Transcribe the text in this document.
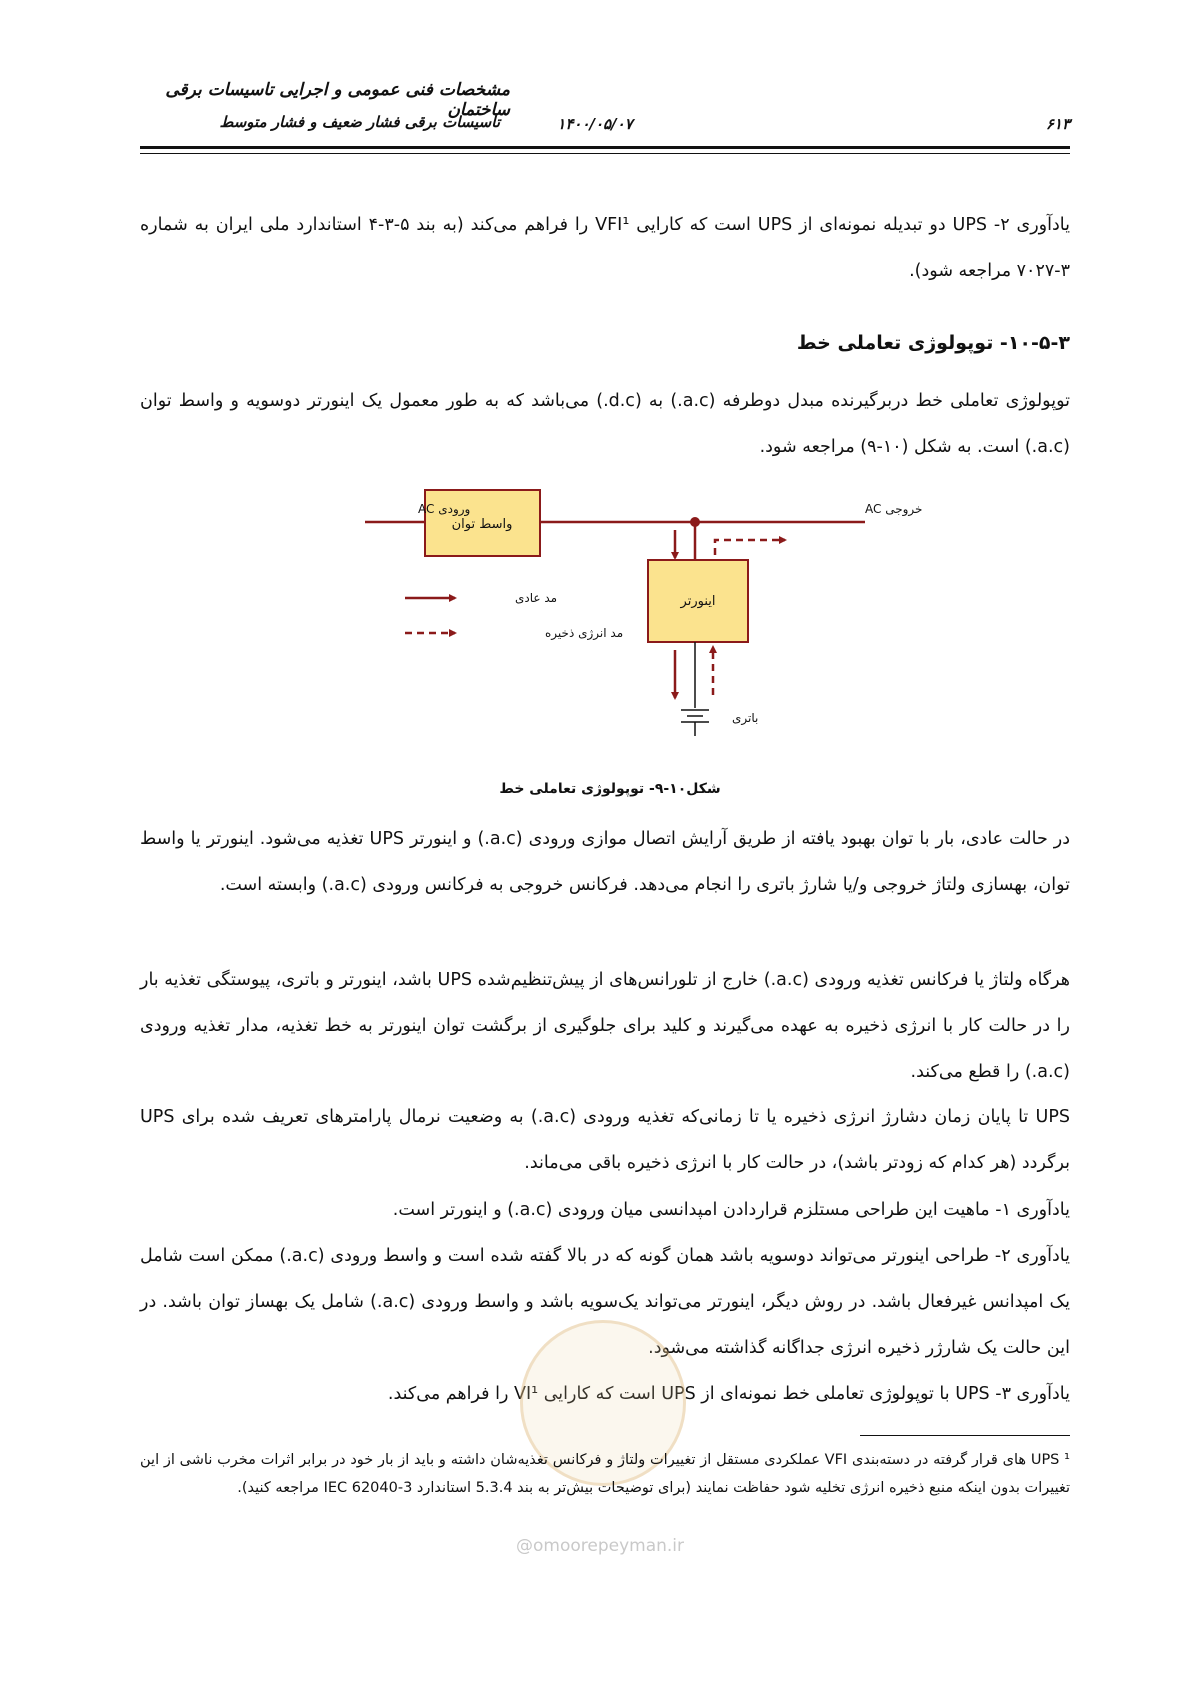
مشخصات فنی عمومی و اجرایی تاسیسات برقی ساختمان
تاسیسات برقی فشار ضعیف و فشار متوسط	۱۴۰۰/۰۵/۰۷	۶۱۳
یادآوری ۲- UPS دو تبدیله نمونه‌ای از UPS است که کارایی VFI¹ را فراهم می‌کند (به بند ۵-۳-۴ استاندارد ملی ایران به شماره ۳-۷۰۲۷ مراجعه شود).
۱۰-۵-۳- توپولوژی تعاملی خط
توپولوژی تعاملی خط دربرگیرنده مبدل دوطرفه (a.c.) به (d.c.) می‌باشد که به طور معمول یک اینورتر دوسویه و واسط توان (a.c.) است. به شکل (۱۰-۹) مراجعه شود.
واسط توان
ورودی AC	خروجی AC
اینورتر
باتری
مد عادی
مد انرژی ذخیره
شکل۱۰-۹- توپولوژی تعاملی خط
در حالت عادی، بار با توان بهبود یافته از طریق آرایش اتصال موازی ورودی (a.c.) و اینورتر UPS تغذیه می‌شود. اینورتر یا واسط توان، بهسازی ولتاژ خروجی و/یا شارژ باتری را انجام می‌دهد. فرکانس خروجی به فرکانس ورودی (a.c.) وابسته است.
هرگاه ولتاژ یا فرکانس تغذیه ورودی (a.c.) خارج از تلورانس‌های از پیش‌تنظیم‌شده UPS باشد، اینورتر و باتری، پیوستگی تغذیه بار را در حالت کار با انرژی ذخیره به عهده می‌گیرند و کلید برای جلوگیری از برگشت توان اینورتر به خط تغذیه، مدار تغذیه ورودی (a.c.) را قطع می‌کند.
UPS تا پایان زمان دشارژ انرژی ذخیره یا تا زمانی‌که تغذیه ورودی (a.c.) به وضعیت نرمال پارامترهای تعریف شده برای UPS برگردد (هر کدام که زودتر باشد)، در حالت کار با انرژی ذخیره باقی می‌ماند.
یادآوری ۱- ماهیت این طراحی مستلزم قراردادن امپدانسی میان ورودی (a.c.) و اینورتر است.
یادآوری ۲- طراحی اینورتر می‌تواند دوسویه باشد همان گونه که در بالا گفته شده است و واسط ورودی (a.c.) ممکن است شامل یک امپدانس غیرفعال باشد. در روش دیگر، اینورتر می‌تواند یک‌سویه باشد و واسط ورودی (a.c.) شامل یک بهساز توان باشد. در این حالت یک شارژر ذخیره انرژی جداگانه گذاشته می‌شود.
یادآوری ۳- UPS با توپولوژی تعاملی خط نمونه‌ای از UPS است که کارایی VI¹ را فراهم می‌کند.
¹ UPS های قرار گرفته در دسته‌بندی VFI عملکردی مستقل از تغییرات ولتاژ و فرکانس تغذیه‌شان داشته و باید از بار خود در برابر اثرات مخرب ناشی از این تغییرات بدون اینکه منبع ذخیره انرژی تخلیه شود حفاظت نمایند (برای توضیحات بیش‌تر به بند 5.3.4 استاندارد IEC 62040-3 مراجعه کنید).
@omoorepeyman.ir
